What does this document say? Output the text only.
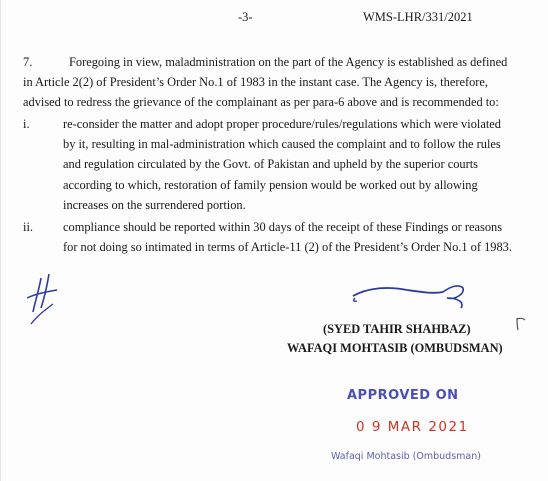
-3-	WMS-LHR/331/2021
7.	Foregoing in view, maladministration on the part of the Agency is established as defined
in Article 2(2) of President’s Order No.1 of 1983 in the instant case. The Agency is, therefore,
advised to redress the grievance of the complainant as per para-6 above and is recommended to:
i.	re-consider the matter and adopt proper procedure/rules/regulations which were violated
by it, resulting in mal-administration which caused the complaint and to follow the rules
and regulation circulated by the Govt. of Pakistan and upheld by the superior courts
according to which, restoration of family pension would be worked out by allowing
increases on the surrendered portion.
ii. compliance should be reported within 30 days of the receipt of these Findings or reasons
for not doing so intimated in terms of Article-11 (2) of the President’s Order No.1 of 1983.
(SYED TAHIR SHAHBAZ)
WAFAQI MOHTASIB (OMBUDSMAN)
APPROVED ON
0 9 MAR 2021
Wafaqi Mohtasib (Ombudsman)
